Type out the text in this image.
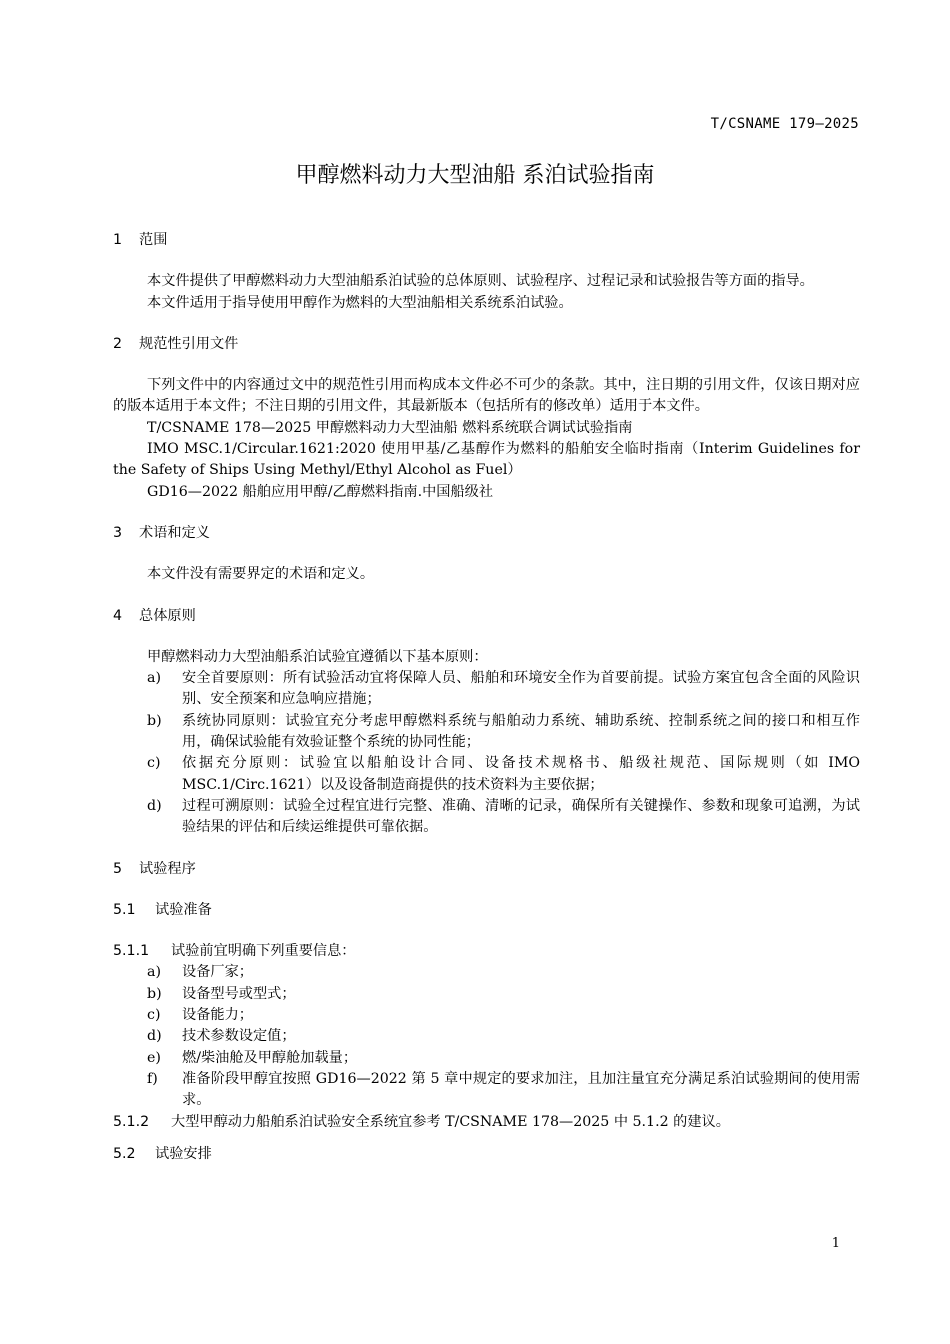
T/CSNAME 179—2025
甲醇燃料动力大型油船 系泊试验指南
1 范围

本文件提供了甲醇燃料动力大型油船系泊试验的总体原则、试验程序、过程记录和试验报告等方面的指导。

本文件适用于指导使用甲醇作为燃料的大型油船相关系统系泊试验。

2 规范性引用文件

下列文件中的内容通过文中的规范性引用而构成本文件必不可少的条款。其中，注日期的引用文件，仅该日期对应的版本适用于本文件；不注日期的引用文件，其最新版本（包括所有的修改单）适用于本文件。

T/CSNAME 178—2025 甲醇燃料动力大型油船 燃料系统联合调试试验指南

IMO MSC.1/Circular.1621:2020 使用甲基/乙基醇作为燃料的船舶安全临时指南（Interim Guidelines for the Safety of Ships Using Methyl/Ethyl Alcohol as Fuel）

GD16—2022 船舶应用甲醇/乙醇燃料指南.中国船级社

3 术语和定义

本文件没有需要界定的术语和定义。

4 总体原则

甲醇燃料动力大型油船系泊试验宜遵循以下基本原则：

a) 安全首要原则：所有试验活动宜将保障人员、船舶和环境安全作为首要前提。试验方案宜包含全面的风险识别、安全预案和应急响应措施；

b) 系统协同原则：试验宜充分考虑甲醇燃料系统与船舶动力系统、辅助系统、控制系统之间的接口和相互作用，确保试验能有效验证整个系统的协同性能；

c) 依据充分原则：试验宜以船舶设计合同、设备技术规格书、船级社规范、国际规则（如 IMO MSC.1/Circ.1621）以及设备制造商提供的技术资料为主要依据；

d) 过程可溯原则：试验全过程宜进行完整、准确、清晰的记录，确保所有关键操作、参数和现象可追溯，为试验结果的评估和后续运维提供可靠依据。

5 试验程序
5.1 试验准备

5.1.1 试验前宜明确下列重要信息：

a) 设备厂家；

b) 设备型号或型式；

c) 设备能力；

d) 技术参数设定值；

e) 燃/柴油舱及甲醇舱加载量；

f) 准备阶段甲醇宜按照 GD16—2022 第 5 章中规定的要求加注，且加注量宜充分满足系泊试验期间的使用需求。

5.1.2 大型甲醇动力船舶系泊试验安全系统宜参考 T/CSNAME 178—2025 中 5.1.2 的建议。

5.2 试验安排
1
